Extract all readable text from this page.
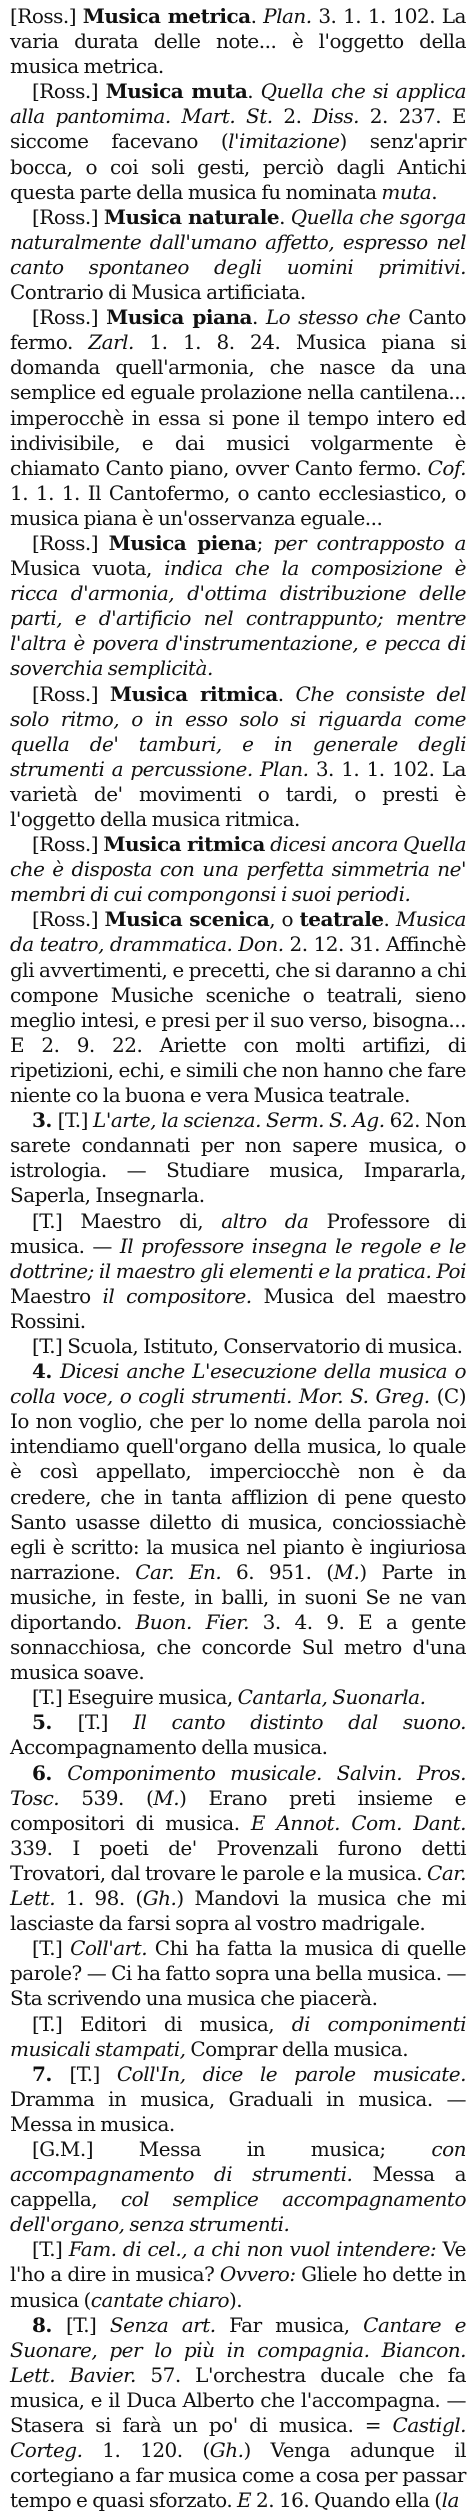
[Ross.] Musica metrica. Plan. 3. 1. 1. 102. La varia durata delle note... è l'oggetto della musica metrica.

[Ross.] Musica muta. Quella che si applica alla pantomima. Mart. St. 2. Diss. 2. 237. E siccome facevano (l'imitazione) senz'aprir bocca, o coi soli gesti, perciò dagli Antichi questa parte della musica fu nominata muta.

[Ross.] Musica naturale. Quella che sgorga naturalmente dall'umano affetto, espresso nel canto spontaneo degli uomini primitivi. Contrario di Musica artificiata.

[Ross.] Musica piana. Lo stesso che Canto fermo. Zarl. 1. 1. 8. 24. Musica piana si domanda quell'armonia, che nasce da una semplice ed eguale prolazione nella cantilena... imperocchè in essa si pone il tempo intero ed indivisibile, e dai musici volgarmente è chiamato Canto piano, ovver Canto fermo. Cof. 1. 1. 1. Il Cantofermo, o canto ecclesiastico, o musica piana è un'osservanza eguale...

[Ross.] Musica piena; per contrapposto a Musica vuota, indica che la composizione è ricca d'armonia, d'ottima distribuzione delle parti, e d'artificio nel contrappunto; mentre l'altra è povera d'instrumentazione, e pecca di soverchia semplicità.

[Ross.] Musica ritmica. Che consiste del solo ritmo, o in esso solo si riguarda come quella de' tamburi, e in generale degli strumenti a percussione. Plan. 3. 1. 1. 102. La varietà de' movimenti o tardi, o presti è l'oggetto della musica ritmica.

[Ross.] Musica ritmica dicesi ancora Quella che è disposta con una perfetta simmetria ne' membri di cui compongonsi i suoi periodi.

[Ross.] Musica scenica, o teatrale. Musica da teatro, drammatica. Don. 2. 12. 31. Affinchè gli avvertimenti, e precetti, che si daranno a chi compone Musiche sceniche o teatrali, sieno meglio intesi, e presi per il suo verso, bisogna... E 2. 9. 22. Ariette con molti artifizi, di ripetizioni, echi, e simili che non hanno che fare niente co la buona e vera Musica teatrale.

3. [T.] L'arte, la scienza. Serm. S. Ag. 62. Non sarete condannati per non sapere musica, o istrologia. — Studiare musica, Impararla, Saperla, Insegnarla.

[T.] Maestro di, altro da Professore di musica. — Il professore insegna le regole e le dottrine; il maestro gli elementi e la pratica. Poi Maestro il compositore. Musica del maestro Rossini.

[T.] Scuola, Istituto, Conservatorio di musica.

4. Dicesi anche L'esecuzione della musica o colla voce, o cogli strumenti. Mor. S. Greg. (C) Io non voglio, che per lo nome della parola noi intendiamo quell'organo della musica, lo quale è così appellato, imperciocchè non è da credere, che in tanta afflizion di pene questo Santo usasse diletto di musica, conciossiachè egli è scritto: la musica nel pianto è ingiuriosa narrazione. Car. En. 6. 951. (M.) Parte in musiche, in feste, in balli, in suoni Se ne van diportando. Buon. Fier. 3. 4. 9. E a gente sonnacchiosa, che concorde Sul metro d'una musica soave.

[T.] Eseguire musica, Cantarla, Suonarla.

5. [T.] Il canto distinto dal suono. Accompagnamento della musica.

6. Componimento musicale. Salvin. Pros. Tosc. 539. (M.) Erano preti insieme e compositori di musica. E Annot. Com. Dant. 339. I poeti de' Provenzali furono detti Trovatori, dal trovare le parole e la musica. Car. Lett. 1. 98. (Gh.) Mandovi la musica che mi lasciaste da farsi sopra al vostro madrigale.

[T.] Coll'art. Chi ha fatta la musica di quelle parole? — Ci ha fatto sopra una bella musica. — Sta scrivendo una musica che piacerà.

[T.] Editori di musica, di componimenti musicali stampati, Comprar della musica.

7. [T.] Coll'In, dice le parole musicate. Dramma in musica, Graduali in musica. — Messa in musica.

[G.M.] Messa in musica; con accompagnamento di strumenti. Messa a cappella, col semplice accompagnamento dell'organo, senza strumenti.

[T.] Fam. di cel., a chi non vuol intendere: Ve l'ho a dire in musica? Ovvero: Gliele ho dette in musica (cantate chiaro).

8. [T.] Senza art. Far musica, Cantare e Suonare, per lo più in compagnia. Biancon. Lett. Bavier. 57. L'orchestra ducale che fa musica, e il Duca Alberto che l'accompagna. — Stasera si farà un po' di musica. = Castigl. Corteg. 1. 120. (Gh.) Venga adunque il cortegiano a far musica come a cosa per passar tempo e quasi sforzato. E 2. 16. Quando ella (la
